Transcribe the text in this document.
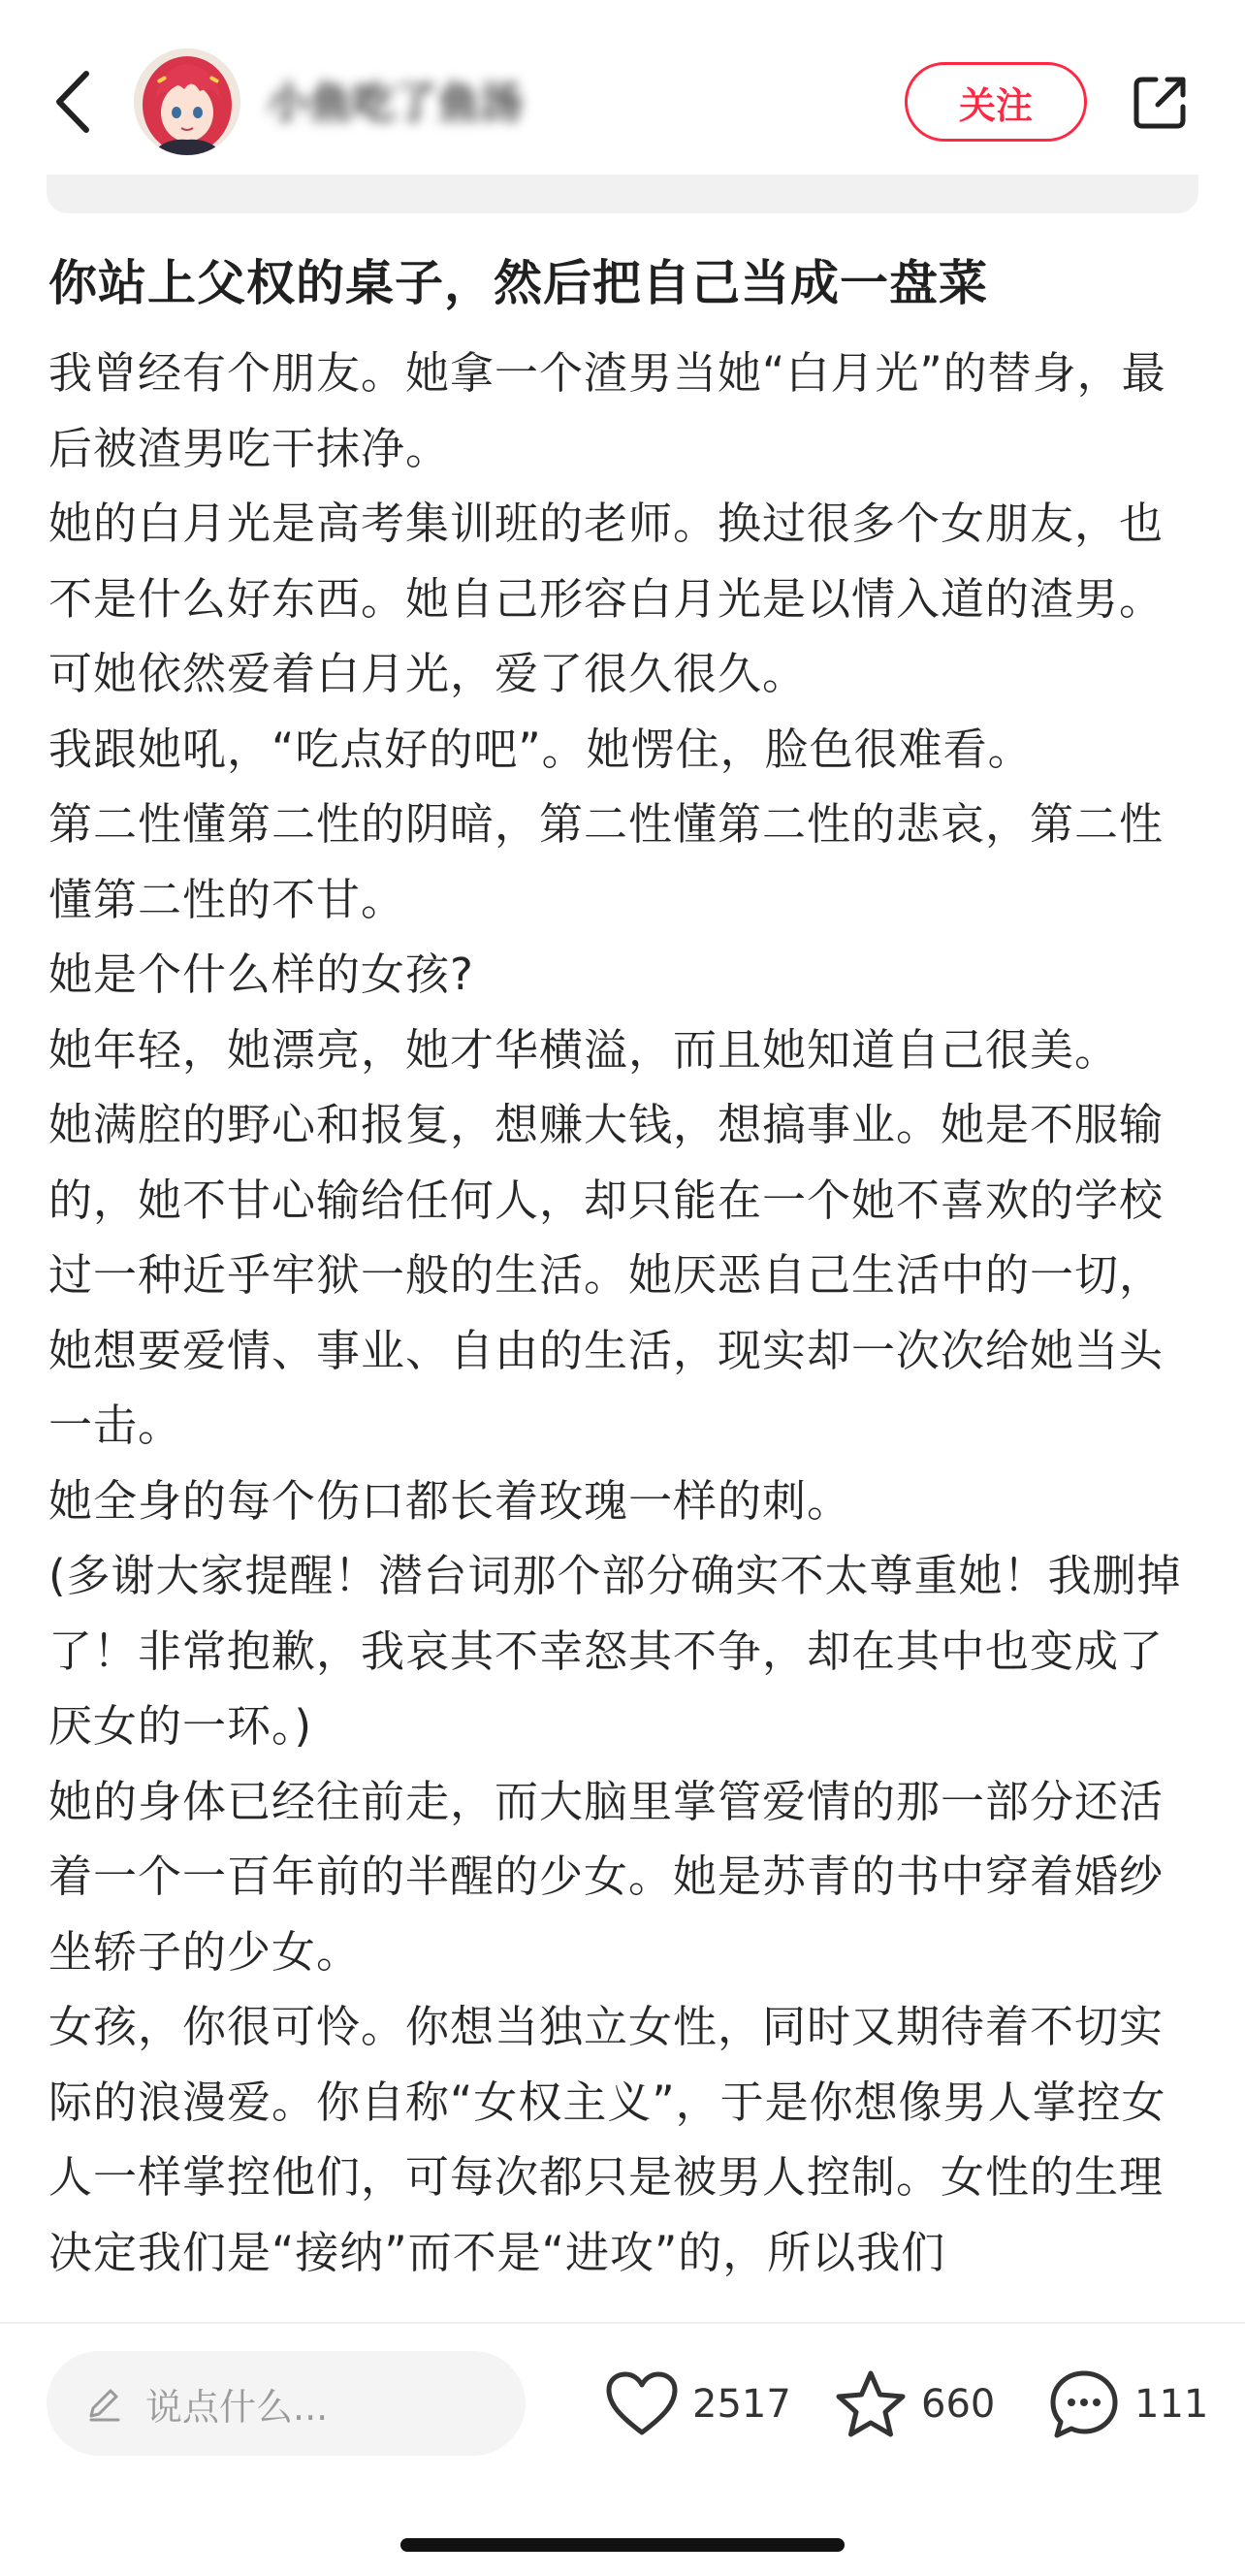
小鱼吃了鱼汤	关注
你站上父权的桌子，然后把自己当成一盘菜

我曾经有个朋友。她拿一个渣男当她“白月光”的替身，最后被渣男吃干抹净。

她的白月光是高考集训班的老师。换过很多个女朋友，也不是什么好东西。她自己形容白月光是以情入道的渣男。可她依然爱着白月光，爱了很久很久。

我跟她吼，“吃点好的吧”。她愣住，脸色很难看。

第二性懂第二性的阴暗，第二性懂第二性的悲哀，第二性懂第二性的不甘。

她是个什么样的女孩?

她年轻，她漂亮，她才华横溢，而且她知道自己很美。

她满腔的野心和报复，想赚大钱，想搞事业。她是不服输的，她不甘心输给任何人，却只能在一个她不喜欢的学校过一种近乎牢狱一般的生活。她厌恶自己生活中的一切，她想要爱情、事业、自由的生活，现实却一次次给她当头一击。

她全身的每个伤口都长着玫瑰一样的刺。

(多谢大家提醒！潜台词那个部分确实不太尊重她！我删掉了！非常抱歉，我哀其不幸怒其不争，却在其中也变成了厌女的一环。)

她的身体已经往前走，而大脑里掌管爱情的那一部分还活着一个一百年前的半醒的少女。她是苏青的书中穿着婚纱坐轿子的少女。

女孩，你很可怜。你想当独立女性，同时又期待着不切实际的浪漫爱。你自称“女权主义”，于是你想像男人掌控女人一样掌控他们，可每次都只是被男人控制。女性的生理决定我们是“接纳”而不是“进攻”的，所以我们

说点什么...	2517	660	111
